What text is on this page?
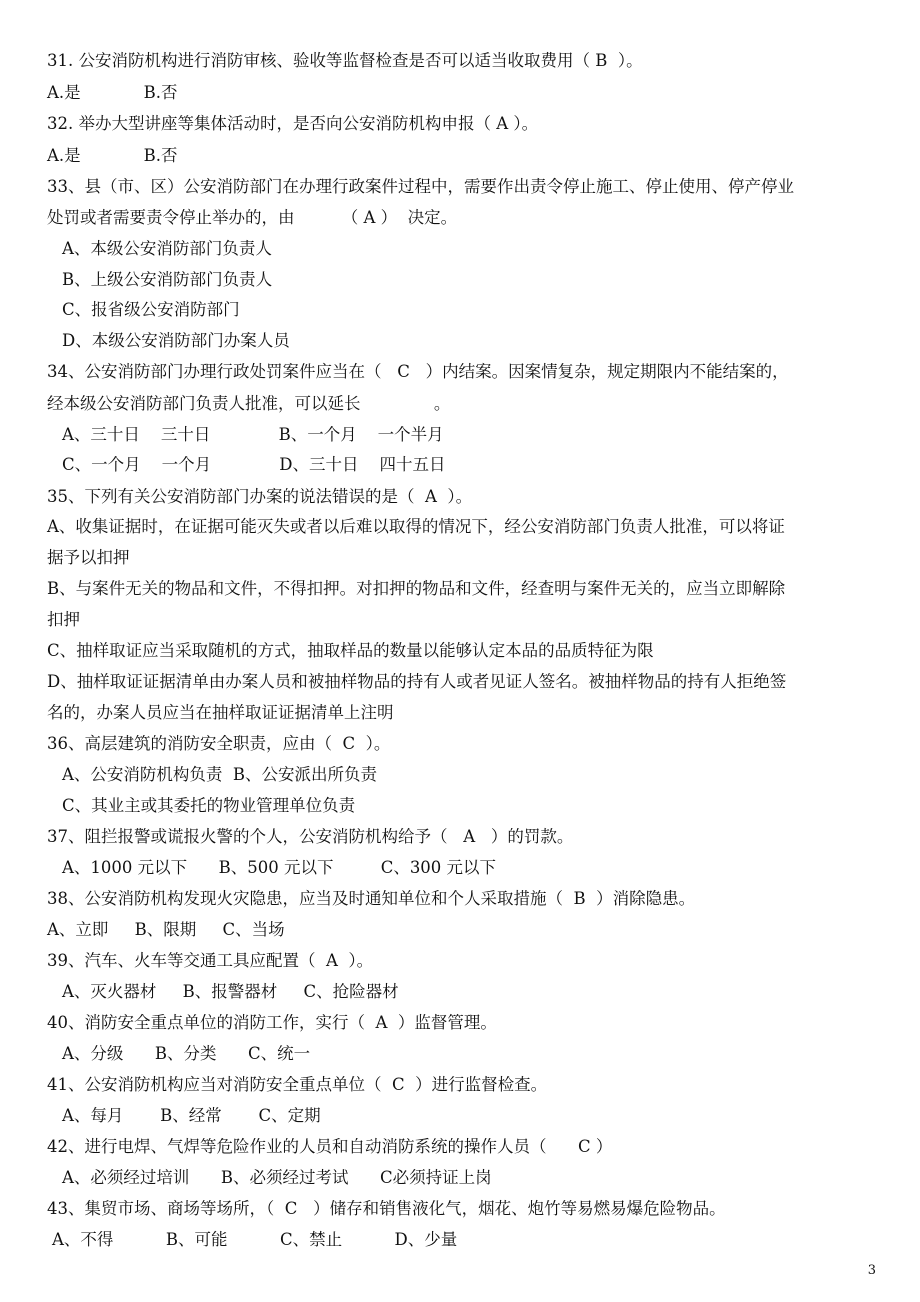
31. 公安消防机构进行消防审核、验收等监督检查是否可以适当收取费用（ B  ）。
A.是            B.否
32. 举办大型讲座等集体活动时，是否向公安消防机构申报（ A ）。
A.是            B.否
33、县（市、区）公安消防部门在办理行政案件过程中，需要作出责令停止施工、停止使用、停产停业
处罚或者需要责令停止举办的，由         （ A ）  决定。
A、本级公安消防部门负责人
B、上级公安消防部门负责人
C、报省级公安消防部门
D、本级公安消防部门办案人员
34、公安消防部门办理行政处罚案件应当在（   C   ）内结案。因案情复杂，规定期限内不能结案的，
经本级公安消防部门负责人批准，可以延长              。
A、三十日    三十日             B、一个月    一个半月
C、一个月    一个月             D、三十日    四十五日
35、下列有关公安消防部门办案的说法错误的是（  A  ）。
A、收集证据时，在证据可能灭失或者以后难以取得的情况下，经公安消防部门负责人批准，可以将证
据予以扣押
B、与案件无关的物品和文件，不得扣押。对扣押的物品和文件，经查明与案件无关的，应当立即解除
扣押
C、抽样取证应当采取随机的方式，抽取样品的数量以能够认定本品的品质特征为限
D、抽样取证证据清单由办案人员和被抽样物品的持有人或者见证人签名。被抽样物品的持有人拒绝签
名的，办案人员应当在抽样取证证据清单上注明
36、高层建筑的消防安全职责，应由（  C  ）。
A、公安消防机构负责  B、公安派出所负责
C、其业主或其委托的物业管理单位负责
37、阻拦报警或谎报火警的个人，公安消防机构给予（   A   ）的罚款。
A、1000 元以下      B、500 元以下         C、300 元以下
38、公安消防机构发现火灾隐患，应当及时通知单位和个人采取措施（  B  ）消除隐患。
A、立即     B、限期     C、当场
39、汽车、火车等交通工具应配置（  A  ）。
A、灭火器材     B、报警器材     C、抢险器材
40、消防安全重点单位的消防工作，实行（  A  ）监督管理。
A、分级      B、分类      C、统一
41、公安消防机构应当对消防安全重点单位（  C  ）进行监督检查。
A、每月       B、经常       C、定期
42、进行电焊、气焊等危险作业的人员和自动消防系统的操作人员（      C ）
A、必须经过培训      B、必须经过考试      C必须持证上岗
43、集贸市场、商场等场所，（  C   ）储存和销售液化气，烟花、炮竹等易燃易爆危险物品。
A、不得          B、可能          C、禁止          D、少量
3
